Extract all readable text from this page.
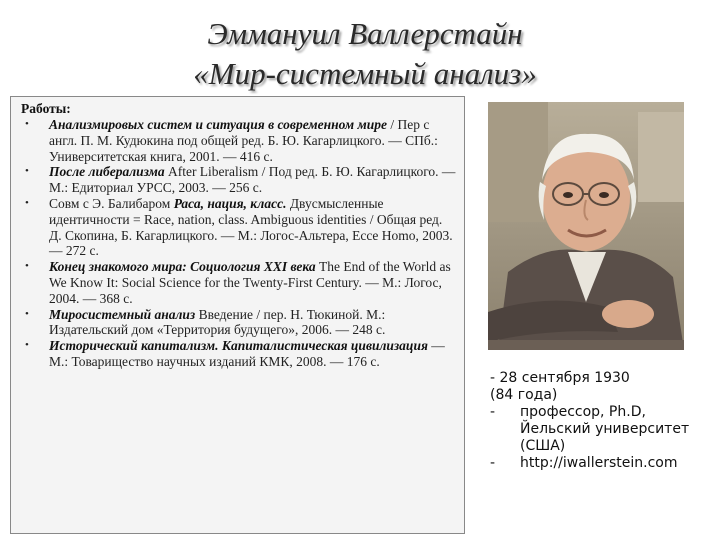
Эммануил Валлерстайн
«Мир-системный анализ»
Работы:
• Анализмировых систем и ситуация в современном мире / Пер с англ. П. М. Кудюкина под общей ред. Б. Ю. Кагарлицкого. — СПб.: Университетская книга, 2001. — 416 с.
• После либерализма After Liberalism / Под ред. Б. Ю. Кагарлицкого. — М.: Едиториал УРСС, 2003. — 256 с.
• Совм с Э. Балибаром Раса, нация, класс. Двусмысленные идентичности = Race, nation, class. Ambiguous identities / Общая ред. Д. Скопина, Б. Кагарлицкого. — М.: Логос-Альтера, Ecce Homo, 2003. — 272 с.
• Конец знакомого мира: Социология XXI века The End of the World as We Know It: Social Science for the Twenty-First Century. — М.: Логос, 2004. — 368 с.
• Миросистемный анализ Введение / пер. Н. Тюкиной. М.: Издательский дом «Территория будущего», 2006. — 248 с.
• Исторический капитализм. Капиталистическая цивилизация — М.: Товарищество научных изданий КМК, 2008. — 176 с.
- 28 сентября 1930
(84 года)
- профессор, Ph.D,
Йельский университет
(США)
- http://iwallerstein.com
